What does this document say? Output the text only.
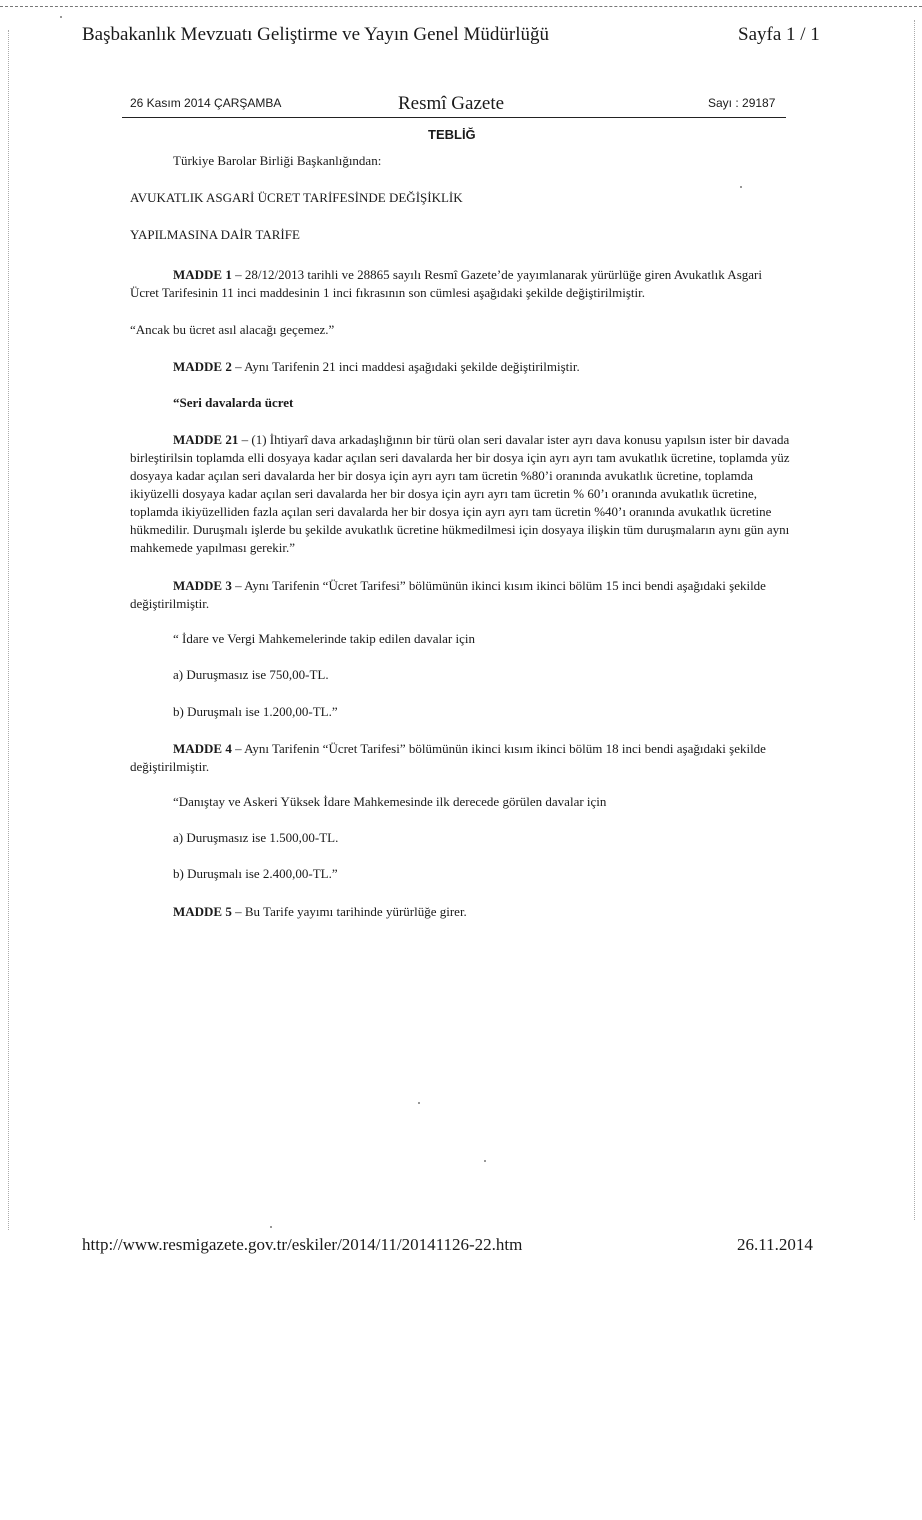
Başbakanlık Mevzuatı Geliştirme ve Yayın Genel Müdürlüğü	Sayfa 1 / 1
26 Kasım 2014 ÇARŞAMBA	Resmî Gazete	Sayı : 29187
TEBLİĞ
Türkiye Barolar Birliği Başkanlığından:
AVUKATLIK ASGARİ ÜCRET TARİFESİNDE DEĞİŞİKLİK
YAPILMASINA DAİR TARİFE
MADDE 1 – 28/12/2013 tarihli ve 28865 sayılı Resmî Gazete’de yayımlanarak yürürlüğe giren Avukatlık Asgari Ücret Tarifesinin 11 inci maddesinin 1 inci fıkrasının son cümlesi aşağıdaki şekilde değiştirilmiştir.
“Ancak bu ücret asıl alacağı geçemez.”
MADDE 2 – Aynı Tarifenin 21 inci maddesi aşağıdaki şekilde değiştirilmiştir.
“Seri davalarda ücret
MADDE 21 – (1) İhtiyarî dava arkadaşlığının bir türü olan seri davalar ister ayrı dava konusu yapılsın ister bir davada birleştirilsin toplamda elli dosyaya kadar açılan seri davalarda her bir dosya için ayrı ayrı tam avukatlık ücretine, toplamda yüz dosyaya kadar açılan seri davalarda her bir dosya için ayrı ayrı tam ücretin %80’i oranında avukatlık ücretine, toplamda ikiyüzelli dosyaya kadar açılan seri davalarda her bir dosya için ayrı ayrı tam ücretin % 60’ı oranında avukatlık ücretine, toplamda ikiyüzelliden fazla açılan seri davalarda her bir dosya için ayrı ayrı tam ücretin %40’ı oranında avukatlık ücretine hükmedilir. Duruşmalı işlerde bu şekilde avukatlık ücretine hükmedilmesi için dosyaya ilişkin tüm duruşmaların aynı gün aynı mahkemede yapılması gerekir.”
MADDE 3 – Aynı Tarifenin “Ücret Tarifesi” bölümünün ikinci kısım ikinci bölüm 15 inci bendi aşağıdaki şekilde değiştirilmiştir.
“ İdare ve Vergi Mahkemelerinde takip edilen davalar için
a) Duruşmasız ise 750,00-TL.
b) Duruşmalı ise 1.200,00-TL.”
MADDE 4 – Aynı Tarifenin “Ücret Tarifesi” bölümünün ikinci kısım ikinci bölüm 18 inci bendi aşağıdaki şekilde değiştirilmiştir.
“Danıştay ve Askeri Yüksek İdare Mahkemesinde ilk derecede görülen davalar için
a) Duruşmasız ise 1.500,00-TL.
b) Duruşmalı ise 2.400,00-TL.”
MADDE 5 – Bu Tarife yayımı tarihinde yürürlüğe girer.
http://www.resmigazete.gov.tr/eskiler/2014/11/20141126-22.htm	26.11.2014
